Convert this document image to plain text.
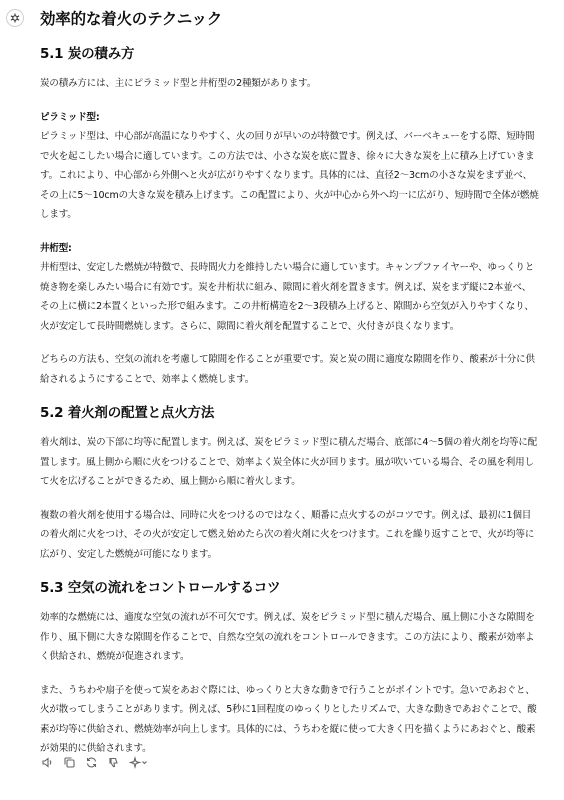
効率的な着火のテクニック
5.1 炭の積み方

炭の積み方には、主にピラミッド型と井桁型の2種類があります。

ピラミッド型:
ピラミッド型は、中心部が高温になりやすく、火の回りが早いのが特徴です。例えば、バーベキューをする際、短時間で火を起こしたい場合に適しています。この方法では、小さな炭を底に置き、徐々に大きな炭を上に積み上げていきます。これにより、中心部から外側へと火が広がりやすくなります。具体的には、直径2〜3cmの小さな炭をまず並べ、その上に5〜10cmの大きな炭を積み上げます。この配置により、火が中心から外へ均一に広がり、短時間で全体が燃焼します。

井桁型:
井桁型は、安定した燃焼が特徴で、長時間火力を維持したい場合に適しています。キャンプファイヤーや、ゆっくりと焼き物を楽しみたい場合に有効です。炭を井桁状に組み、隙間に着火剤を置きます。例えば、炭をまず縦に2本並べ、その上に横に2本置くといった形で組みます。この井桁構造を2〜3段積み上げると、隙間から空気が入りやすくなり、火が安定して長時間燃焼します。さらに、隙間に着火剤を配置することで、火付きが良くなります。

どちらの方法も、空気の流れを考慮して隙間を作ることが重要です。炭と炭の間に適度な隙間を作り、酸素が十分に供給されるようにすることで、効率よく燃焼します。

5.2 着火剤の配置と点火方法

着火剤は、炭の下部に均等に配置します。例えば、炭をピラミッド型に積んだ場合、底部に4〜5個の着火剤を均等に配置します。風上側から順に火をつけることで、効率よく炭全体に火が回ります。風が吹いている場合、その風を利用して火を広げることができるため、風上側から順に着火します。

複数の着火剤を使用する場合は、同時に火をつけるのではなく、順番に点火するのがコツです。例えば、最初に1個目の着火剤に火をつけ、その火が安定して燃え始めたら次の着火剤に火をつけます。これを繰り返すことで、火が均等に広がり、安定した燃焼が可能になります。

5.3 空気の流れをコントロールするコツ

効率的な燃焼には、適度な空気の流れが不可欠です。例えば、炭をピラミッド型に積んだ場合、風上側に小さな隙間を作り、風下側に大きな隙間を作ることで、自然な空気の流れをコントロールできます。この方法により、酸素が効率よく供給され、燃焼が促進されます。

また、うちわや扇子を使って炭をあおぐ際には、ゆっくりと大きな動きで行うことがポイントです。急いであおぐと、火が散ってしまうことがあります。例えば、5秒に1回程度のゆっくりとしたリズムで、大きな動きであおぐことで、酸素が均等に供給され、燃焼効率が向上します。具体的には、うちわを縦に使って大きく円を描くようにあおぐと、酸素が効果的に供給されます。
